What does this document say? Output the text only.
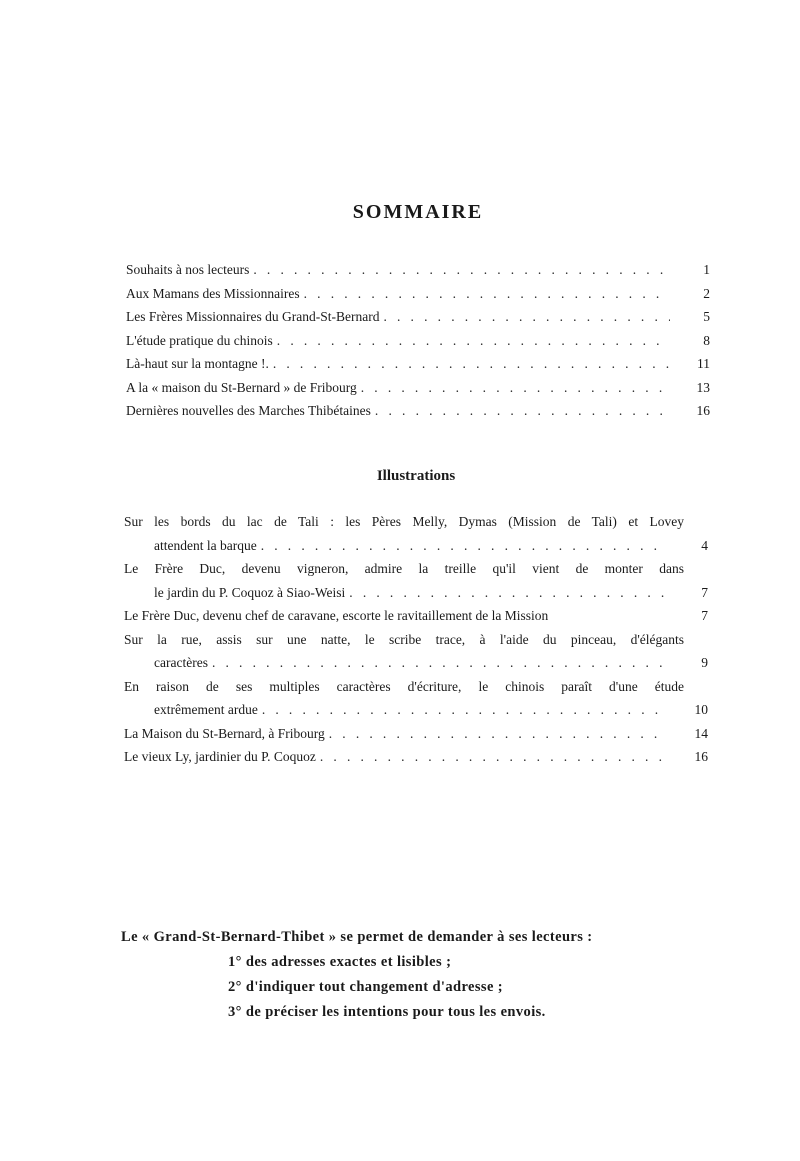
SOMMAIRE
Souhaits à nos lecteurs . . .	1
Aux Mamans des Missionnaires . . .	2
Les Frères Missionnaires du Grand-St-Bernard . . .	5
L'étude pratique du chinois . . .	8
Là-haut sur la montagne !. . . .	11
A la « maison du St-Bernard » de Fribourg . . .	13
Dernières nouvelles des Marches Thibétaines . . .	16
Illustrations
Sur les bords du lac de Tali : les Pères Melly, Dymas (Mission de Tali) et Lovey
attendent la barque . . .	4
Le Frère Duc, devenu vigneron, admire la treille qu'il vient de monter dans
le jardin du P. Coquoz à Siao-Weisi . . .	7
Le Frère Duc, devenu chef de caravane, escorte le ravitaillement de la Mission	7
Sur la rue, assis sur une natte, le scribe trace, à l'aide du pinceau, d'élégants
caractères . . .	9
En raison de ses multiples caractères d'écriture, le chinois paraît d'une étude
extrêmement ardue . . .	10
La Maison du St-Bernard, à Fribourg . . .	14
Le vieux Ly, jardinier du P. Coquoz . . .	16
Le « Grand-St-Bernard-Thibet » se permet de demander à ses lecteurs :
1° des adresses exactes et lisibles ;
2° d'indiquer tout changement d'adresse ;
3° de préciser les intentions pour tous les envois.
